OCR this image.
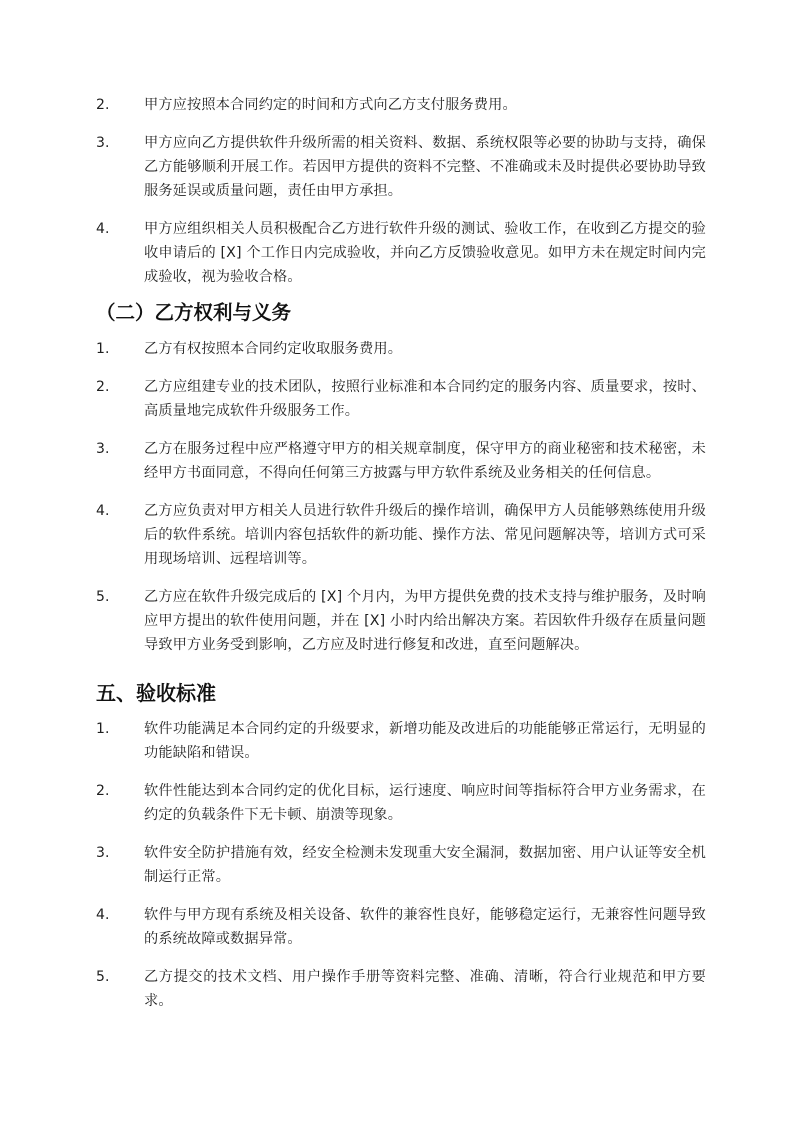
2. 甲方应按照本合同约定的时间和方式向乙方支付服务费用。
3. 甲方应向乙方提供软件升级所需的相关资料、数据、系统权限等必要的协助与支持，确保乙方能够顺利开展工作。若因甲方提供的资料不完整、不准确或未及时提供必要协助导致服务延误或质量问题，责任由甲方承担。
4. 甲方应组织相关人员积极配合乙方进行软件升级的测试、验收工作，在收到乙方提交的验收申请后的 [X] 个工作日内完成验收，并向乙方反馈验收意见。如甲方未在规定时间内完成验收，视为验收合格。
（二）乙方权利与义务
1. 乙方有权按照本合同约定收取服务费用。
2. 乙方应组建专业的技术团队，按照行业标准和本合同约定的服务内容、质量要求，按时、高质量地完成软件升级服务工作。
3. 乙方在服务过程中应严格遵守甲方的相关规章制度，保守甲方的商业秘密和技术秘密，未经甲方书面同意，不得向任何第三方披露与甲方软件系统及业务相关的任何信息。
4. 乙方应负责对甲方相关人员进行软件升级后的操作培训，确保甲方人员能够熟练使用升级后的软件系统。培训内容包括软件的新功能、操作方法、常见问题解决等，培训方式可采用现场培训、远程培训等。
5. 乙方应在软件升级完成后的 [X] 个月内，为甲方提供免费的技术支持与维护服务，及时响应甲方提出的软件使用问题，并在 [X] 小时内给出解决方案。若因软件升级存在质量问题导致甲方业务受到影响，乙方应及时进行修复和改进，直至问题解决。
五、验收标准
1. 软件功能满足本合同约定的升级要求，新增功能及改进后的功能能够正常运行，无明显的功能缺陷和错误。
2. 软件性能达到本合同约定的优化目标，运行速度、响应时间等指标符合甲方业务需求，在约定的负载条件下无卡顿、崩溃等现象。
3. 软件安全防护措施有效，经安全检测未发现重大安全漏洞，数据加密、用户认证等安全机制运行正常。
4. 软件与甲方现有系统及相关设备、软件的兼容性良好，能够稳定运行，无兼容性问题导致的系统故障或数据异常。
5. 乙方提交的技术文档、用户操作手册等资料完整、准确、清晰，符合行业规范和甲方要求。
